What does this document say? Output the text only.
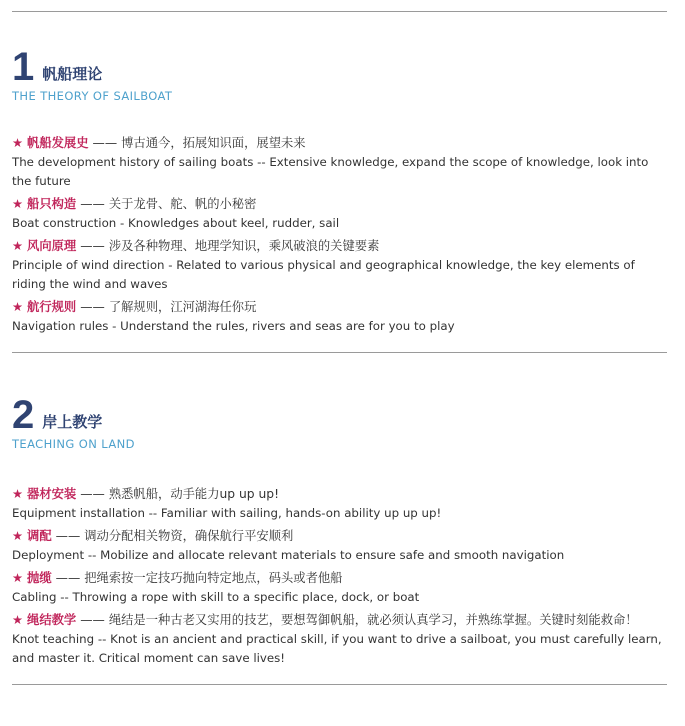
1 帆船理论
THE THEORY OF SAILBOAT
★ 帆船发展史 —— 博古通今，拓展知识面，展望未来
The development history of sailing boats -- Extensive knowledge, expand the scope of knowledge, look into the future
★ 船只构造 —— 关于龙骨、舵、帆的小秘密
Boat construction - Knowledges about keel, rudder, sail
★ 风向原理 —— 涉及各种物理、地理学知识，乘风破浪的关键要素
Principle of wind direction - Related to various physical and geographical knowledge, the key elements of riding the wind and waves
★ 航行规则 —— 了解规则，江河湖海任你玩
Navigation rules - Understand the rules, rivers and seas are for you to play
2 岸上教学
TEACHING ON LAND
★ 器材安装 —— 熟悉帆船，动手能力up up up!
Equipment installation -- Familiar with sailing, hands-on ability up up up!
★ 调配 —— 调动分配相关物资，确保航行平安顺利
Deployment -- Mobilize and allocate relevant materials to ensure safe and smooth navigation
★ 抛缆 —— 把绳索按一定技巧抛向特定地点，码头或者他船
Cabling -- Throwing a rope with skill to a specific place, dock, or boat
★ 绳结教学 —— 绳结是一种古老又实用的技艺，要想驾御帆船，就必须认真学习，并熟练掌握。关键时刻能救命！
Knot teaching -- Knot is an ancient and practical skill, if you want to drive a sailboat, you must carefully learn, and master it. Critical moment can save lives!
